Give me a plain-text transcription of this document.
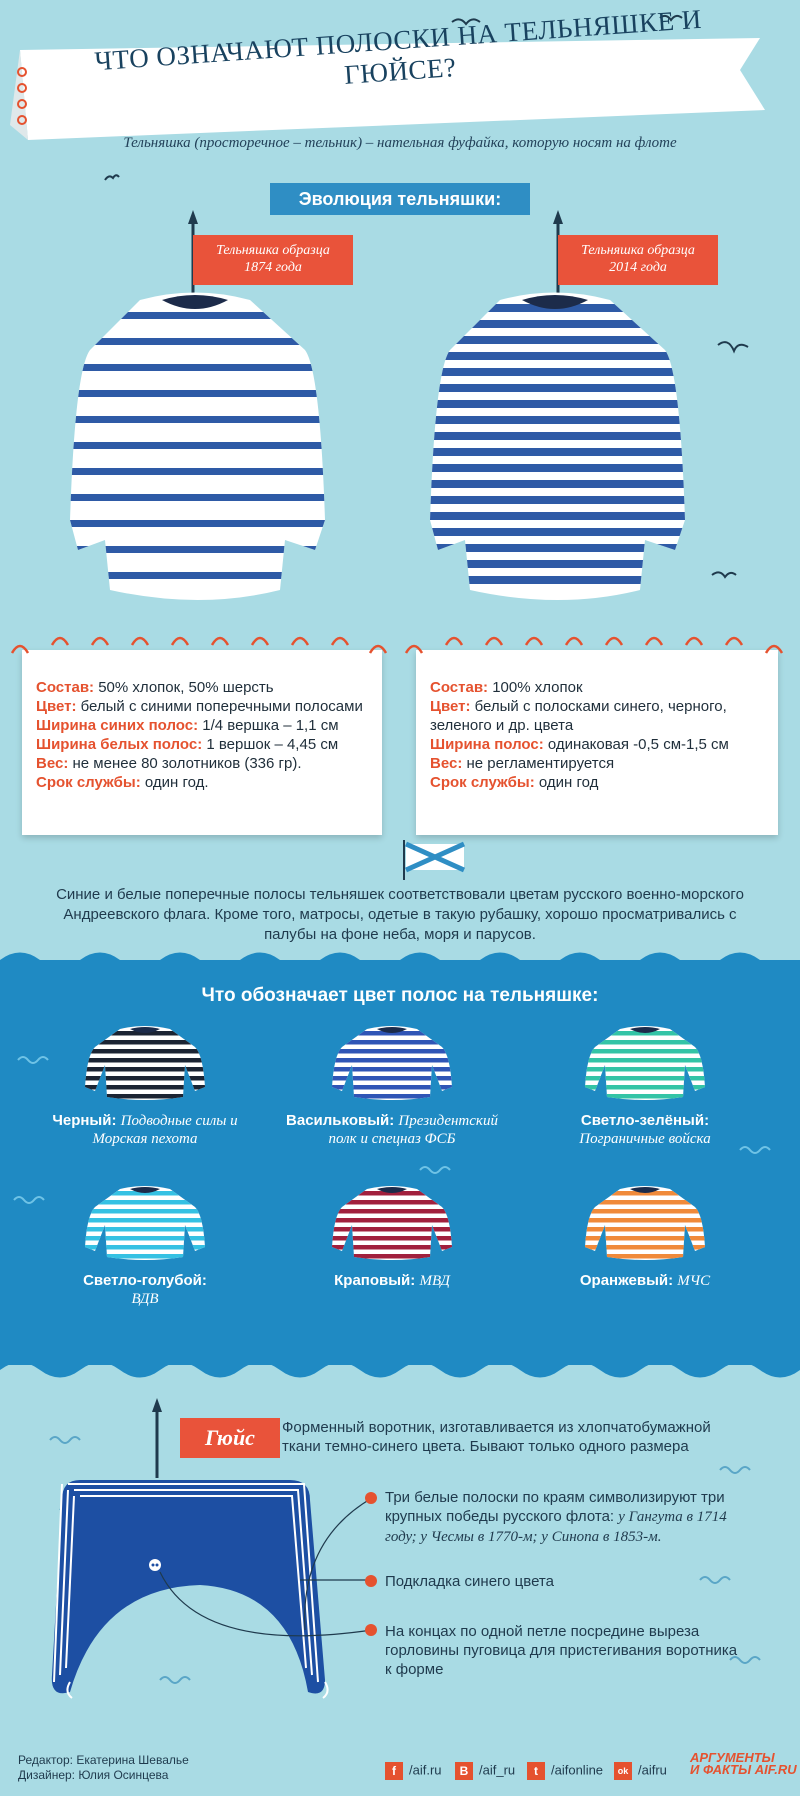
ЧТО ОЗНАЧАЮТ ПОЛОСКИ НА ТЕЛЬНЯШКЕ И ГЮЙСЕ?
Тельняшка (просторечное – тельник) – нательная фуфайка, которую носят на флоте
Эволюция тельняшки:
Тельняшка образца
1874 года
Тельняшка образца
2014 года
Состав: 50% хлопок, 50% шерсть
Цвет: белый с синими поперечными полосами
Ширина синих полос: 1/4 вершка – 1,1 см
Ширина белых полос: 1 вершок – 4,45 см
Вес: не менее 80 золотников (336 гр).
Срок службы: один год.
Состав: 100% хлопок
Цвет: белый с полосками синего, черного, зеленого и др. цвета
Ширина полос: одинаковая -0,5 см-1,5 см
Вес: не регламентируется
Срок службы: один год
Синие и белые поперечные полосы тельняшек соответствовали цветам русского военно-морского Андреевского флага. Кроме того, матросы, одетые в такую рубашку, хорошо просматривались с палубы на фоне неба, моря и парусов.
Что обозначает цвет полос на тельняшке:
Черный: Подводные силы и Морская пехота
Васильковый: Президентский полк и спецназ ФСБ
Светло-зелёный:
Пограничные войска
Светло-голубой:
ВДВ
Краповый: МВД	Оранжевый: МЧС
Гюйс	Форменный воротник, изготавливается из хлопчатобумажной ткани темно-синего цвета. Бывают только одного размера
Три белые полоски по краям символизируют три крупных победы русского флота: у Гангута в 1714 году; у Чесмы в 1770-м; у Синопа в 1853-м.
Подкладка синего цвета
На концах по одной петле посредине выреза горловины пуговица для пристегивания воротника к форме
Редактор: Екатерина Шевалье
Дизайнер: Юлия Осинцева	f /aif.ru	B /aif_ru	t /aifonline	ok /aifru
АРГУМЕНТЫ
И ФАКТЫ AIF.RU
